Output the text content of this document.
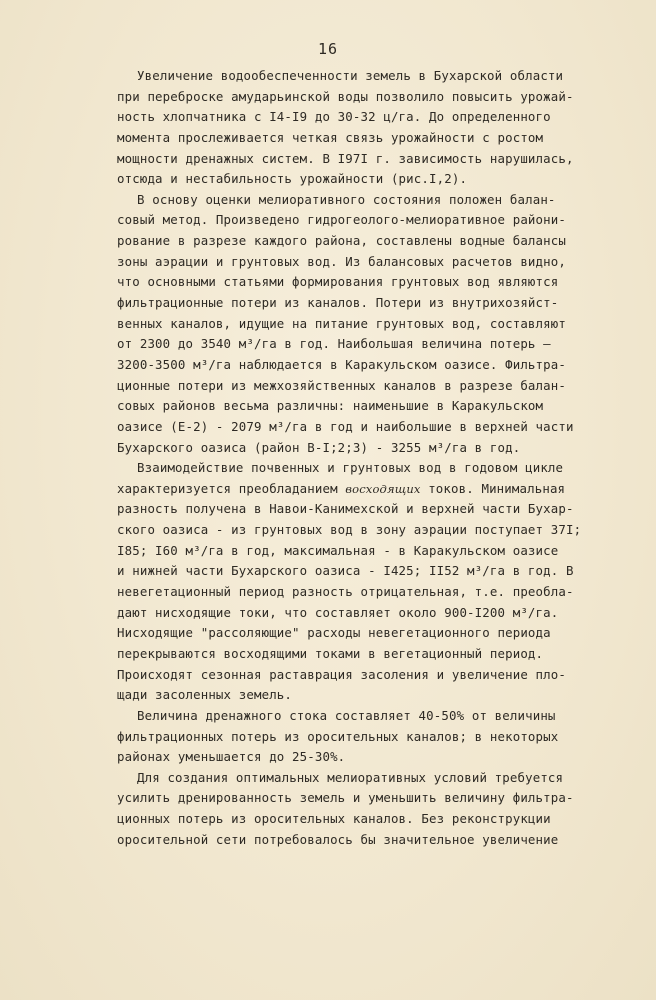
16
Увеличение водообеспеченности земель в Бухарской области
при переброске амударьинской воды позволило повысить урожай-
ность хлопчатника с I4-I9 до 30-32 ц/га. До определенного
момента прослеживается четкая связь урожайности с ростом
мощности дренажных систем. В I97I г. зависимость нарушилась,
отсюда и нестабильность урожайности (рис.I,2).
В основу оценки мелиоративного состояния положен балан-
совый метод. Произведено гидрогеолого-мелиоративное райони-
рование в разрезе каждого района, составлены водные балансы
зоны аэрации и грунтовых вод. Из балансовых расчетов видно,
что основными статьями формирования грунтовых вод являются
фильтрационные потери из каналов. Потери из внутрихозяйст-
венных каналов, идущие на питание грунтовых вод, составляют
от 2300 до 3540 м³/га в год. Наибольшая величина потерь –
3200-3500 м³/га наблюдается в Каракульском оазисе. Фильтра-
ционные потери из межхозяйственных каналов в разрезе балан-
совых районов весьма различны: наименьшие в Каракульском
оазисе (Е-2) - 2079 м³/га в год и наибольшие в верхней части
Бухарского оазиса (район В-I;2;3) - 3255 м³/га в год.
Взаимодействие почвенных и грунтовых вод в годовом цикле
характеризуется преобладанием восходящих токов. Минимальная
разность получена в Навои-Канимехской и верхней части Бухар-
ского оазиса - из грунтовых вод в зону аэрации поступает 37I;
I85; I60 м³/га в год, максимальная - в Каракульском оазисе
и нижней части Бухарского оазиса - I425; II52 м³/га в год. В
невегетационный период разность отрицательная, т.е. преобла-
дают нисходящие токи, что составляет около 900-I200 м³/га.
Нисходящие "рассоляющие" расходы невегетационного периода
перекрываются восходящими токами в вегетационный период.
Происходят сезонная раставрация засоления и увеличение пло-
щади засоленных земель.
Величина дренажного стока составляет 40-50% от величины
фильтрационных потерь из оросительных каналов; в некоторых
районах уменьшается до 25-30%.
Для создания оптимальных мелиоративных условий требуется
усилить дренированность земель и уменьшить величину фильтра-
ционных потерь из оросительных каналов. Без реконструкции
оросительной сети потребовалось бы значительное увеличение
